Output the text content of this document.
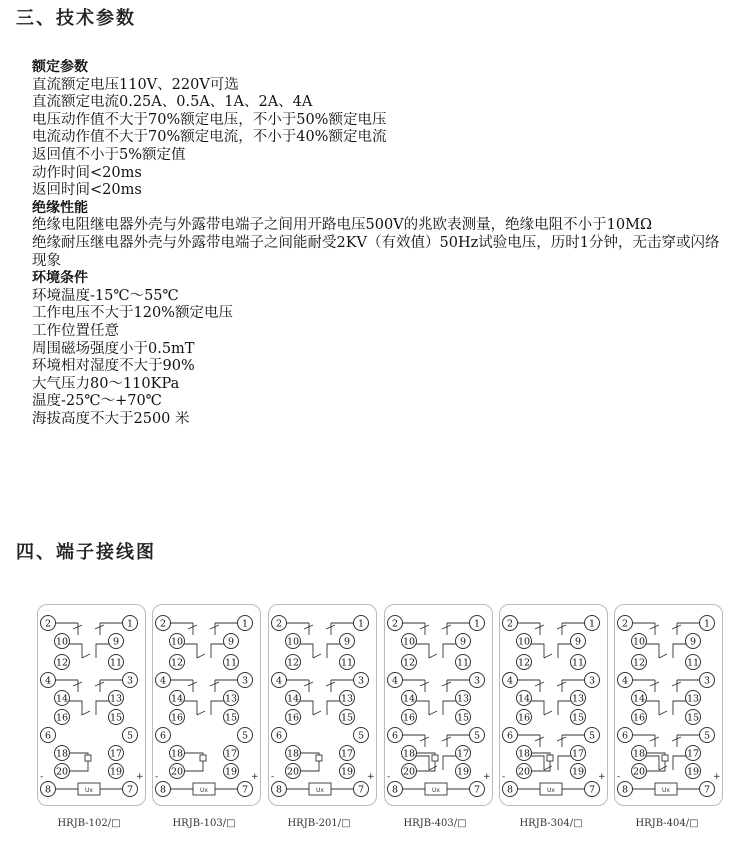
三、技术参数
额定参数
直流额定电压110V、220V可选
直流额定电流0.25A、0.5A、1A、2A、4A
电压动作值不大于70%额定电压，不小于50%额定电压
电流动作值不大于70%额定电流，不小于40%额定电流
返回值不小于5%额定值
动作时间<20ms
返回时间<20ms
绝缘性能
绝缘电阻继电器外壳与外露带电端子之间用开路电压500V的兆欧表测量，绝缘电阻不小于10MΩ
绝缘耐压继电器外壳与外露带电端子之间能耐受2KV（有效值）50Hz试验电压，历时1分钟，无击穿或闪络现象
环境条件
环境温度-15℃～55℃
工作电压不大于120%额定电压
工作位置任意
周围磁场强度小于0.5mT
环境相对湿度不大于90%
大气压力80～110KPa
温度-25℃～+70℃
海拔高度不大于2500 米
四、端子接线图
Ux
-	+
2	1
10	9
12	11
4	3
14	13
16	15
6	5
18	17
20	19
8	7
HRJB-102/□
Ux
-	+
2	1
10	9
12	11
4	3
14	13
16	15
6	5
18	17
20	19
8	7
HRJB-103/□
Ux
-	+
2	1
10	9
12	11
4	3
14	13
16	15
6	5
18	17
20	19
8	7
HRJB-201/□
Ux
-	+
2	1
10	9
12	11
4	3
14	13
16	15
6	5
18	17
20	19
8	7
HRJB-403/□
Ux
-	+
2	1
10	9
12	11
4	3
14	13
16	15
6	5
18	17
20	19
8	7
HRJB-304/□
Ux
-	+
2	1
10	9
12	11
4	3
14	13
16	15
6	5
18	17
20	19
8	7
HRJB-404/□
